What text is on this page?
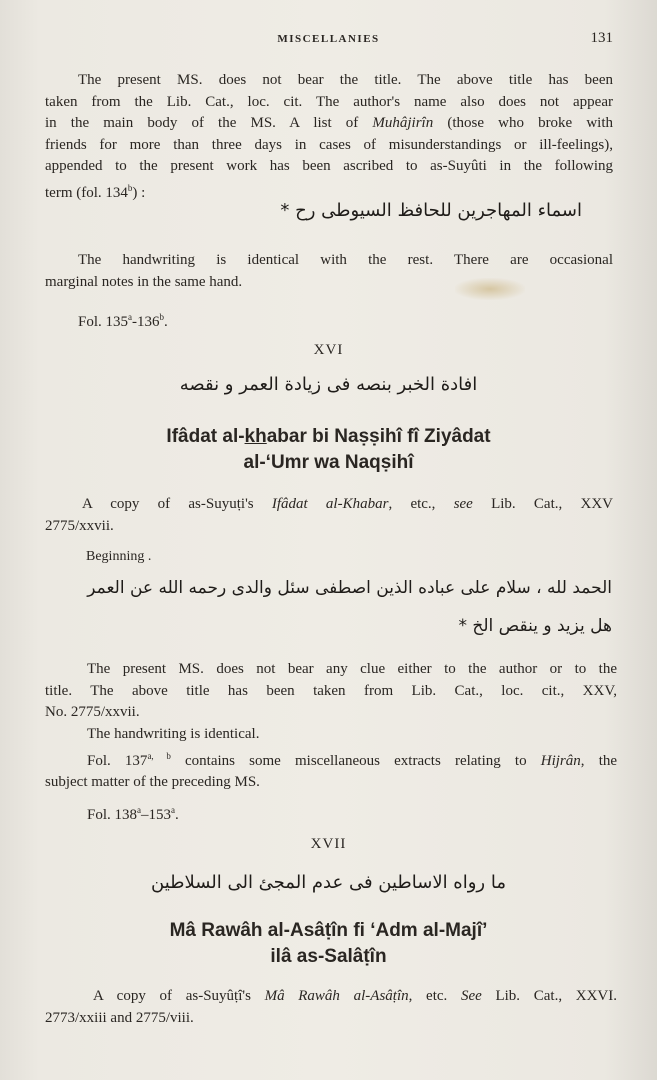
MISCELLANIES	131
The present MS. does not bear the title. The above title has been
taken from the Lib. Cat., loc. cit. The author's name also does not appear
in the main body of the MS. A list of Muhâjirîn (those who broke with
friends for more than three days in cases of misunderstandings or ill-feelings),
appended to the present work has been ascribed to as-Suyûti in the following
term (fol. 134$^b$) :
اسماء المهاجرين للحافظ السيوطى رح *
The handwriting is identical with the rest. There are occasional
marginal notes in the same hand.
Fol. 135$^a$-136$^b$.
XVI
افادة الخبر بنصه فى زيادة العمر و نقصه
Ifâdat al-khabar bi Naṣṣihî fî Ziyâdat
al-‘Umr wa Naqṣihî
A copy of as-Suyuṭi's Ifâdat al-Khabar, etc., see Lib. Cat., XXV
2775/xxvii.
Beginning .
الحمد لله ، سلام على عباده الذين اصطفى سئل والدى رحمه الله عن العمر
هل يزيد و ينقص الخ *
The present MS. does not bear any clue either to the author or to the
title. The above title has been taken from Lib. Cat., loc. cit., XXV,
No. 2775/xxvii.
The handwriting is identical.
Fol. 137$^{a, b}$ contains some miscellaneous extracts relating to Hijrân, the
subject matter of the preceding MS.
Fol. 138$^a$–153$^a$.
XVII
ما رواه الاساطين فى عدم المجئ الى السلاطين
Mâ Rawâh al-Asâṭîn fi ‘Adm al-Majî’
ilâ as-Salâṭîn
A copy of as-Suyûṭî's Mâ Rawâh al-Asâṭîn, etc. See Lib. Cat., XXVI.
2773/xxiii and 2775/viii.
